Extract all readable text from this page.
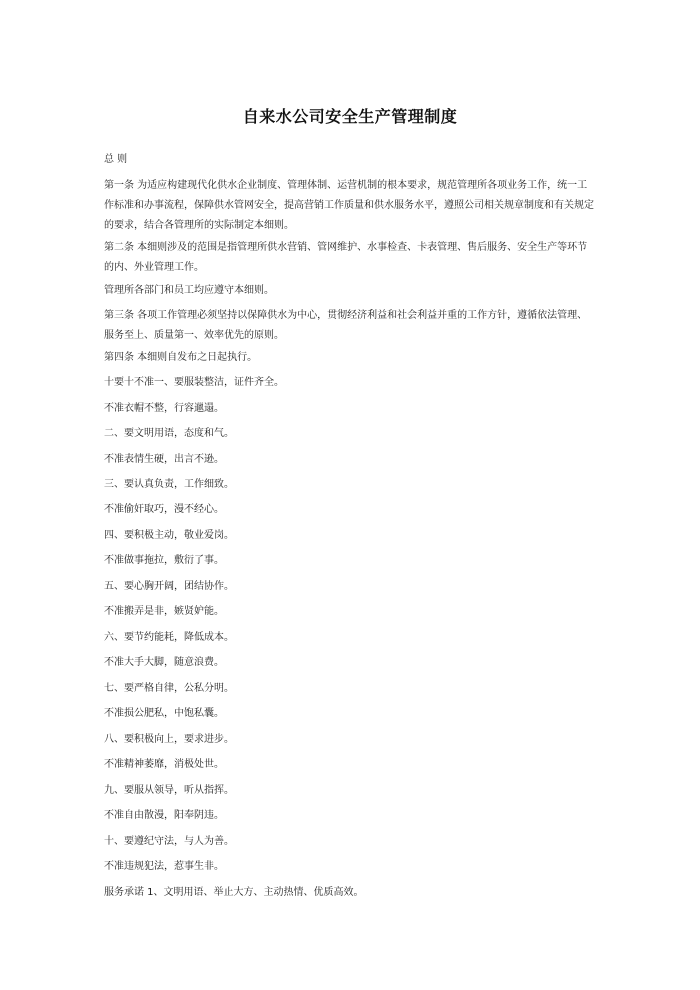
自来水公司安全生产管理制度
总 则
第一条 为适应构建现代化供水企业制度、管理体制、运营机制的根本要求，规范管理所各项业务工作，统一工作标准和办事流程，保障供水管网安全，提高营销工作质量和供水服务水平，遵照公司相关规章制度和有关规定的要求，结合各管理所的实际制定本细则。
第二条 本细则涉及的范围是指管理所供水营销、管网维护、水事检查、卡表管理、售后服务、安全生产等环节的内、外业管理工作。
管理所各部门和员工均应遵守本细则。
第三条 各项工作管理必须坚持以保障供水为中心，贯彻经济利益和社会利益并重的工作方针，遵循依法管理、服务至上、质量第一、效率优先的原则。
第四条 本细则自发布之日起执行。
十要十不准一、要服装整洁，证件齐全。
不准衣帽不整，行容邋遢。
二、要文明用语，态度和气。
不准表情生硬，出言不逊。
三、要认真负责，工作细致。
不准偷奸取巧，漫不经心。
四、要积极主动，敬业爱岗。
不准做事拖拉，敷衍了事。
五、要心胸开阔，团结协作。
不准搬弄是非，嫉贤妒能。
六、要节约能耗，降低成本。
不准大手大脚，随意浪费。
七、要严格自律，公私分明。
不准损公肥私，中饱私囊。
八、要积极向上，要求进步。
不准精神萎靡，消极处世。
九、要服从领导，听从指挥。
不准自由散漫，阳奉阴违。
十、要遵纪守法，与人为善。
不准违规犯法，惹事生非。
服务承诺 1、文明用语、举止大方、主动热情、优质高效。
